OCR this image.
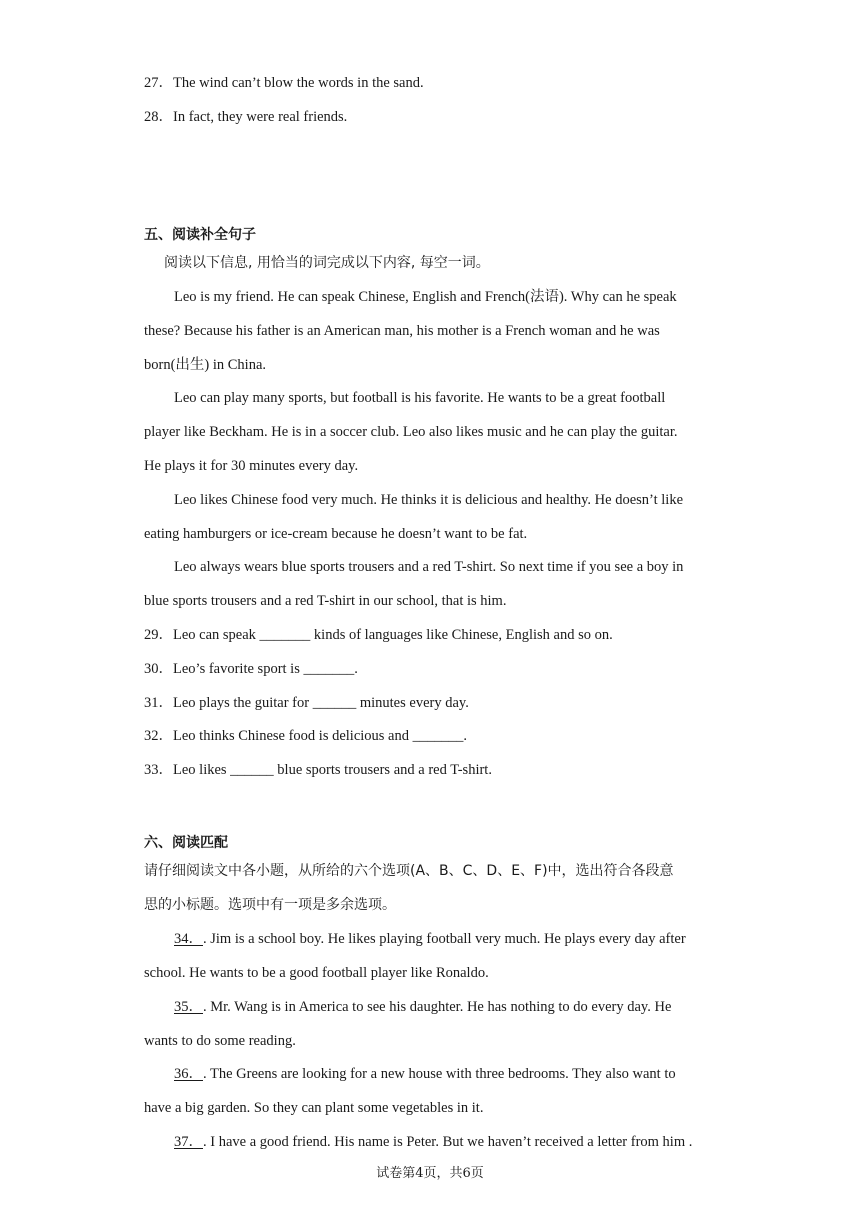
27．The wind can’t blow the words in the sand.
28．In fact, they were real friends.
五、阅读补全句子
阅读以下信息, 用恰当的词完成以下内容, 每空一词。
Leo is my friend. He can speak Chinese, English and French(法语). Why can he speak
these? Because his father is an American man, his mother is a French woman and he was
born(出生) in China.
Leo can play many sports, but football is his favorite. He wants to be a great football
player like Beckham. He is in a soccer club. Leo also likes music and he can play the guitar.
He plays it for 30 minutes every day.
Leo likes Chinese food very much. He thinks it is delicious and healthy. He doesn’t like
eating hamburgers or ice-cream because he doesn’t want to be fat.
Leo always wears blue sports trousers and a red T-shirt. So next time if you see a boy in
blue sports trousers and a red T-shirt in our school, that is him.
29．Leo can speak _______ kinds of languages like Chinese, English and so on.
30．Leo’s favorite sport is _______.
31．Leo plays the guitar for ______ minutes every day.
32．Leo thinks Chinese food is delicious and _______.
33．Leo likes ______ blue sports trousers and a red T-shirt.
六、阅读匹配
请仔细阅读文中各小题，从所给的六个选项(A、B、C、D、E、F)中，选出符合各段意
思的小标题。选项中有一项是多余选项。
34．. Jim is a school boy. He likes playing football very much. He plays every day after
school. He wants to be a good football player like Ronaldo.
35．. Mr. Wang is in America to see his daughter. He has nothing to do every day. He
wants to do some reading.
36．. The Greens are looking for a new house with three bedrooms. They also want to
have a big garden. So they can plant some vegetables in it.
37．. I have a good friend. His name is Peter. But we haven’t received a letter from him .
试卷第4页，共6页
